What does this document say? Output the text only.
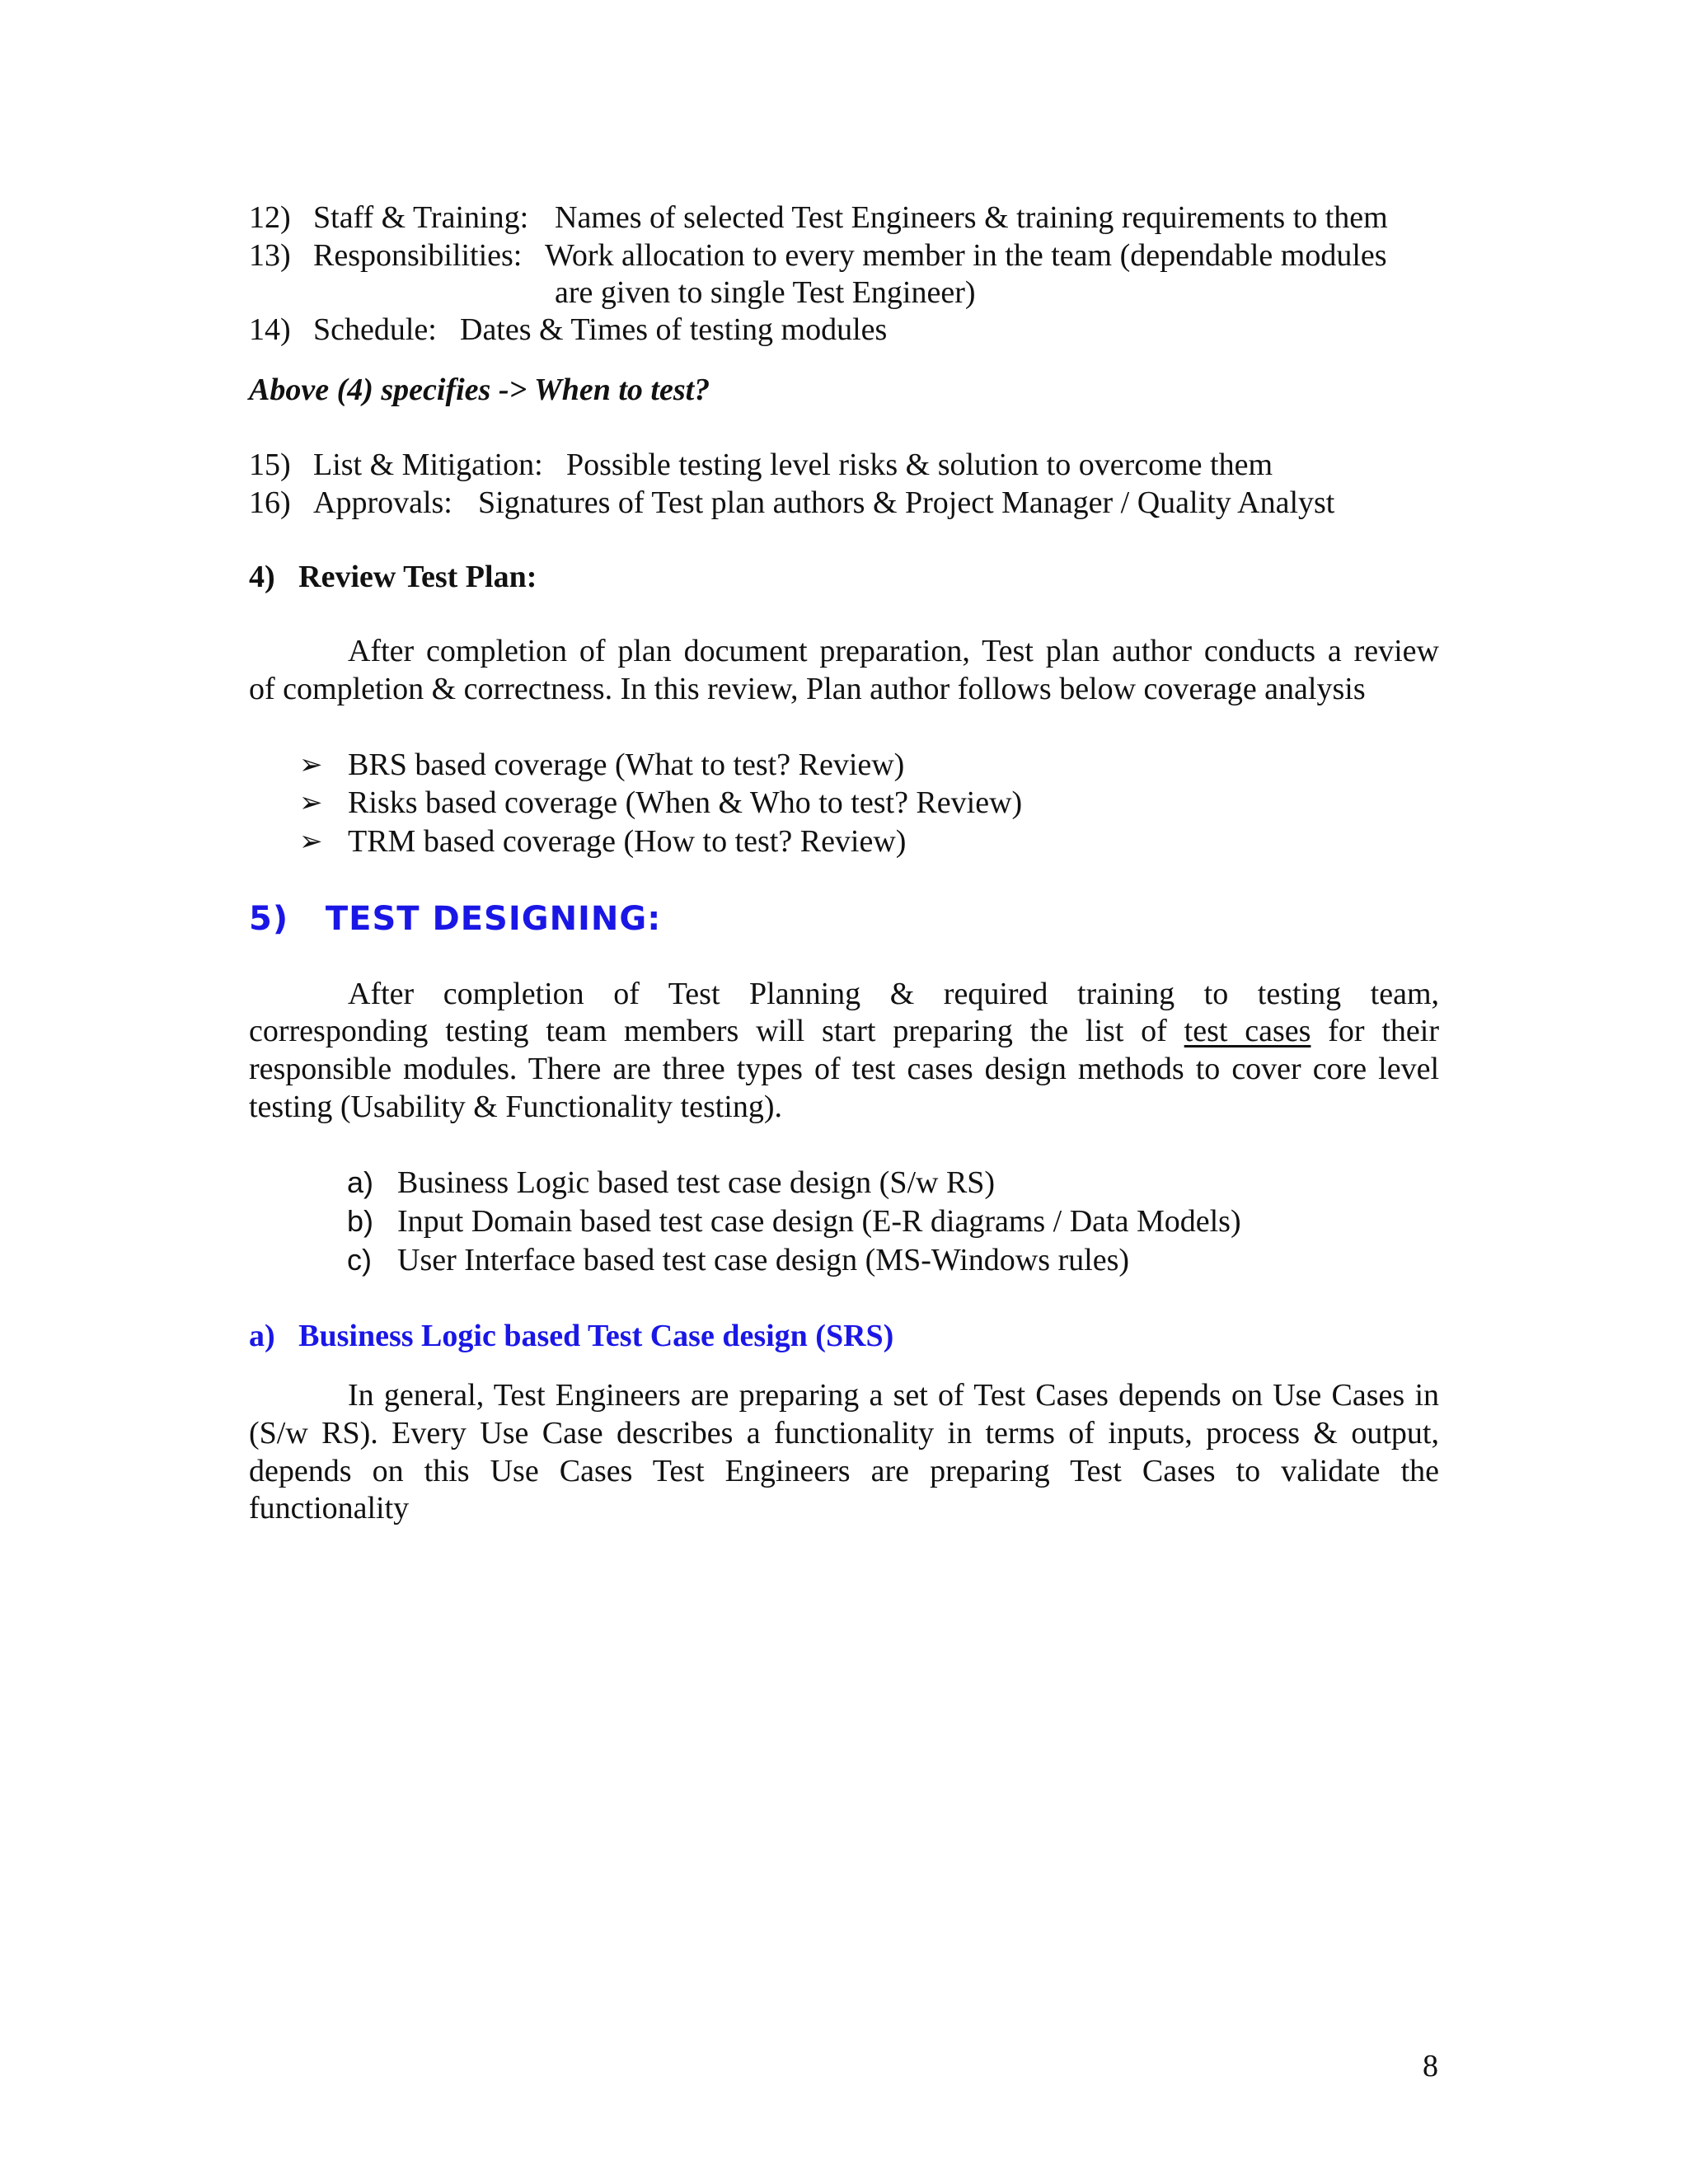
12) Staff & Training: Names of selected Test Engineers & training requirements to them
13) Responsibilities: Work allocation to every member in the team (dependable modules
are given to single Test Engineer)
14) Schedule: Dates & Times of testing modules
Above (4) specifies -> When to test?
15) List & Mitigation: Possible testing level risks & solution to overcome them
16) Approvals: Signatures of Test plan authors & Project Manager / Quality Analyst
4)   Review Test Plan:
After completion of plan document preparation, Test plan author conducts a review
of completion & correctness. In this review, Plan author follows below coverage analysis
➢ BRS based coverage (What to test? Review)
➢ Risks based coverage (When & Who to test? Review)
➢ TRM based coverage (How to test? Review)
5)   TEST DESIGNING:
After completion of Test Planning & required training to testing team,
corresponding testing team members will start preparing the list of test cases for their
responsible modules. There are three types of test cases design methods to cover core level
testing (Usability & Functionality testing).
a) Business Logic based test case design (S/w RS)
b) Input Domain based test case design (E-R diagrams / Data Models)
c) User Interface based test case design (MS-Windows rules)
a)   Business Logic based Test Case design (SRS)
In general, Test Engineers are preparing a set of Test Cases depends on Use Cases in
(S/w RS). Every Use Case describes a functionality in terms of inputs, process & output,
depends on this Use Cases Test Engineers are preparing Test Cases to validate the
functionality
8
